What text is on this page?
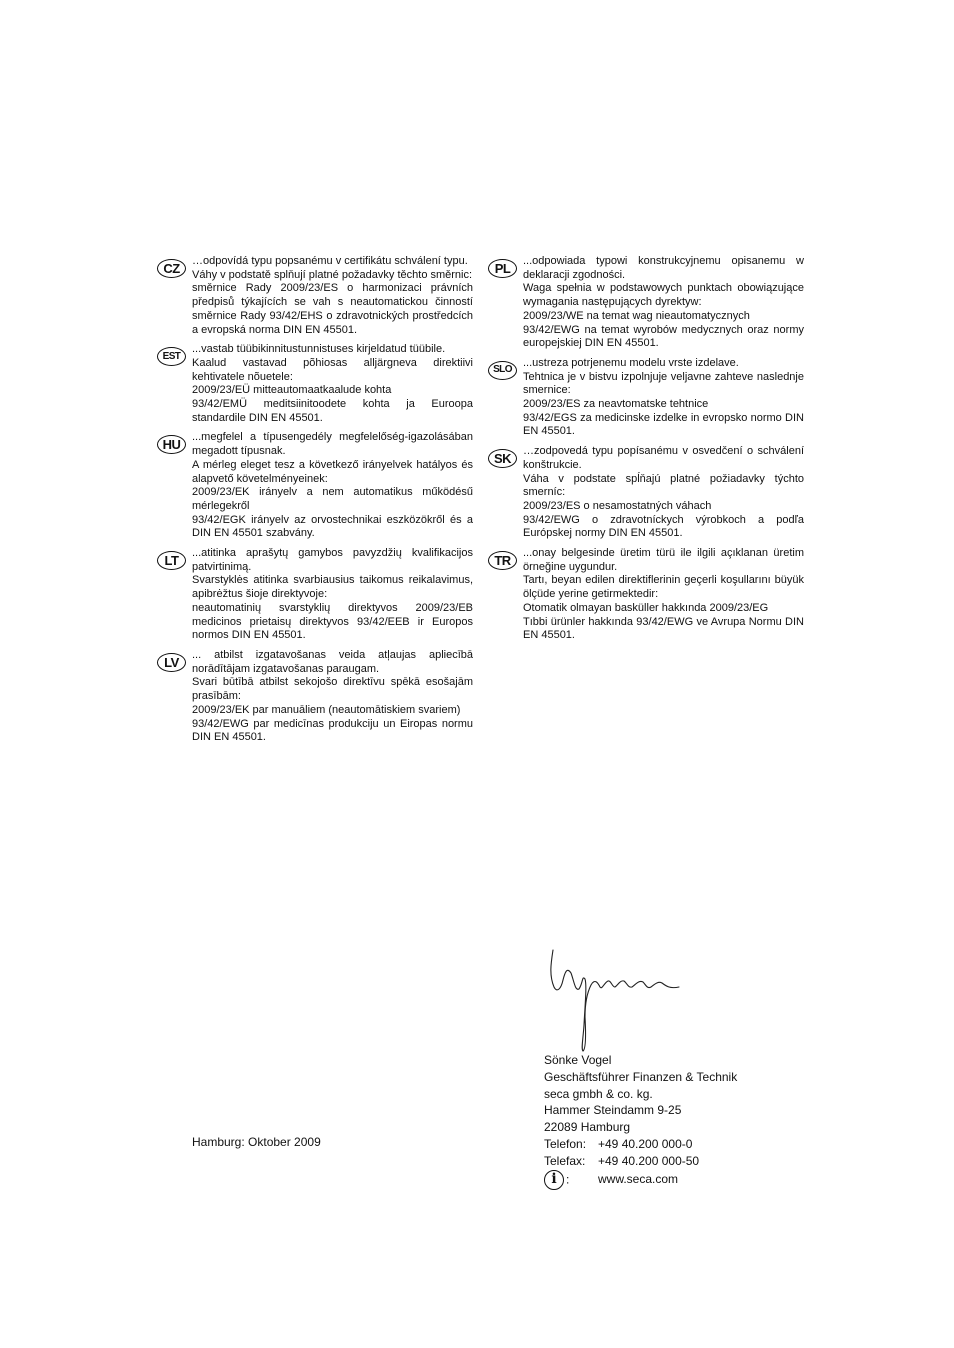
CZ	…odpovídá typu popsanému v certifikátu schválení typu.

Váhy v podstatě splňují platné požadavky těchto směrnic:

směrnice Rady 2009/23/ES o harmonizaci právních předpisů týkajících se vah s neautomatickou činností směrnice Rady 93/42/EHS o zdravotnických prostředcích a evropská norma DIN EN 45501.

EST

...vastab tüübikinnitustunnistuses kirjeldatud tüübile.

Kaalud vastavad põhiosas alljärgneva direktiivi kehtivatele nõuetele:

2009/23/EÜ mitteautomaatkaalude kohta

93/42/EMÜ meditsiinitoodete kohta ja Euroopa standardile DIN EN 45501.

HU	...megfelel a típusengedély megfelelőség-igazolásában megadott típusnak.

A mérleg eleget tesz a következő irányelvek hatályos és alapvető követelményeinek:

2009/23/EK irányelv a nem automatikus működésű mérlegekről

93/42/EGK irányelv az orvostechnikai eszközökről és a DIN EN 45501 szabvány.

LT	...atitinka aprašytų gamybos pavyzdžių kvalifikacijos patvirtinimą.

Svarstyklės atitinka svarbiausius taikomus reikalavimus, apibrėžtus šioje direktyvoje:

neautomatinių svarstyklių direktyvos 2009/23/EB medicinos prietaisų direktyvos 93/42/EEB ir Europos normos DIN EN 45501.

LV	... atbilst izgatavošanas veida atļaujas apliecībā norādītājam izgatavošanas paraugam.

Svari būtībā atbilst sekojošo direktīvu spēkā esošajām prasībām:

2009/23/EK par manuāliem (neautomātiskiem svariem)

93/42/EWG par medicīnas produkciju un Eiropas normu DIN EN 45501.

PL	...odpowiada typowi konstrukcyjnemu opisanemu w deklaracji zgodności.

Waga spełnia w podstawowych punktach obowiązujące wymagania następujących dyrektyw:

2009/23/WE na temat wag nieautomatycznych

93/42/EWG na temat wyrobów medycznych oraz normy europejskiej DIN EN 45501.

SLO

...ustreza potrjenemu modelu vrste izdelave.

Tehtnica je v bistvu izpolnjuje veljavne zahteve naslednje smernice:

2009/23/ES za neavtomatske tehtnice

93/42/EGS za medicinske izdelke in evropsko normo DIN EN 45501.

SK	…zodpovedá typu popísanému v osvedčení o schválení konštrukcie.

Váha v podstate spĺňajú platné požiadavky týchto smerníc:

2009/23/ES o nesamostatných váhach

93/42/EWG o zdravotníckych výrobkoch a podľa Európskej normy DIN EN 45501.

TR	...onay belgesinde üretim türü ile ilgili açıklanan üretim örneğine uygundur.

Tartı, beyan edilen direktiflerinin geçerli koşullarını büyük ölçüde yerine getirmektedir:

Otomatik olmayan basküller hakkında 2009/23/EG

Tıbbi ürünler hakkında 93/42/EWG ve Avrupa Normu DIN EN 45501.

Hamburg: Oktober 2009
Sönke Vogel
Geschäftsführer Finanzen & Technik
seca gmbh & co. kg.
Hammer Steindamm 9-25
22089 Hamburg
Telefon: +49 40.200 000-0
Telefax:	+49 40.200 000-50
i :	www.seca.com
